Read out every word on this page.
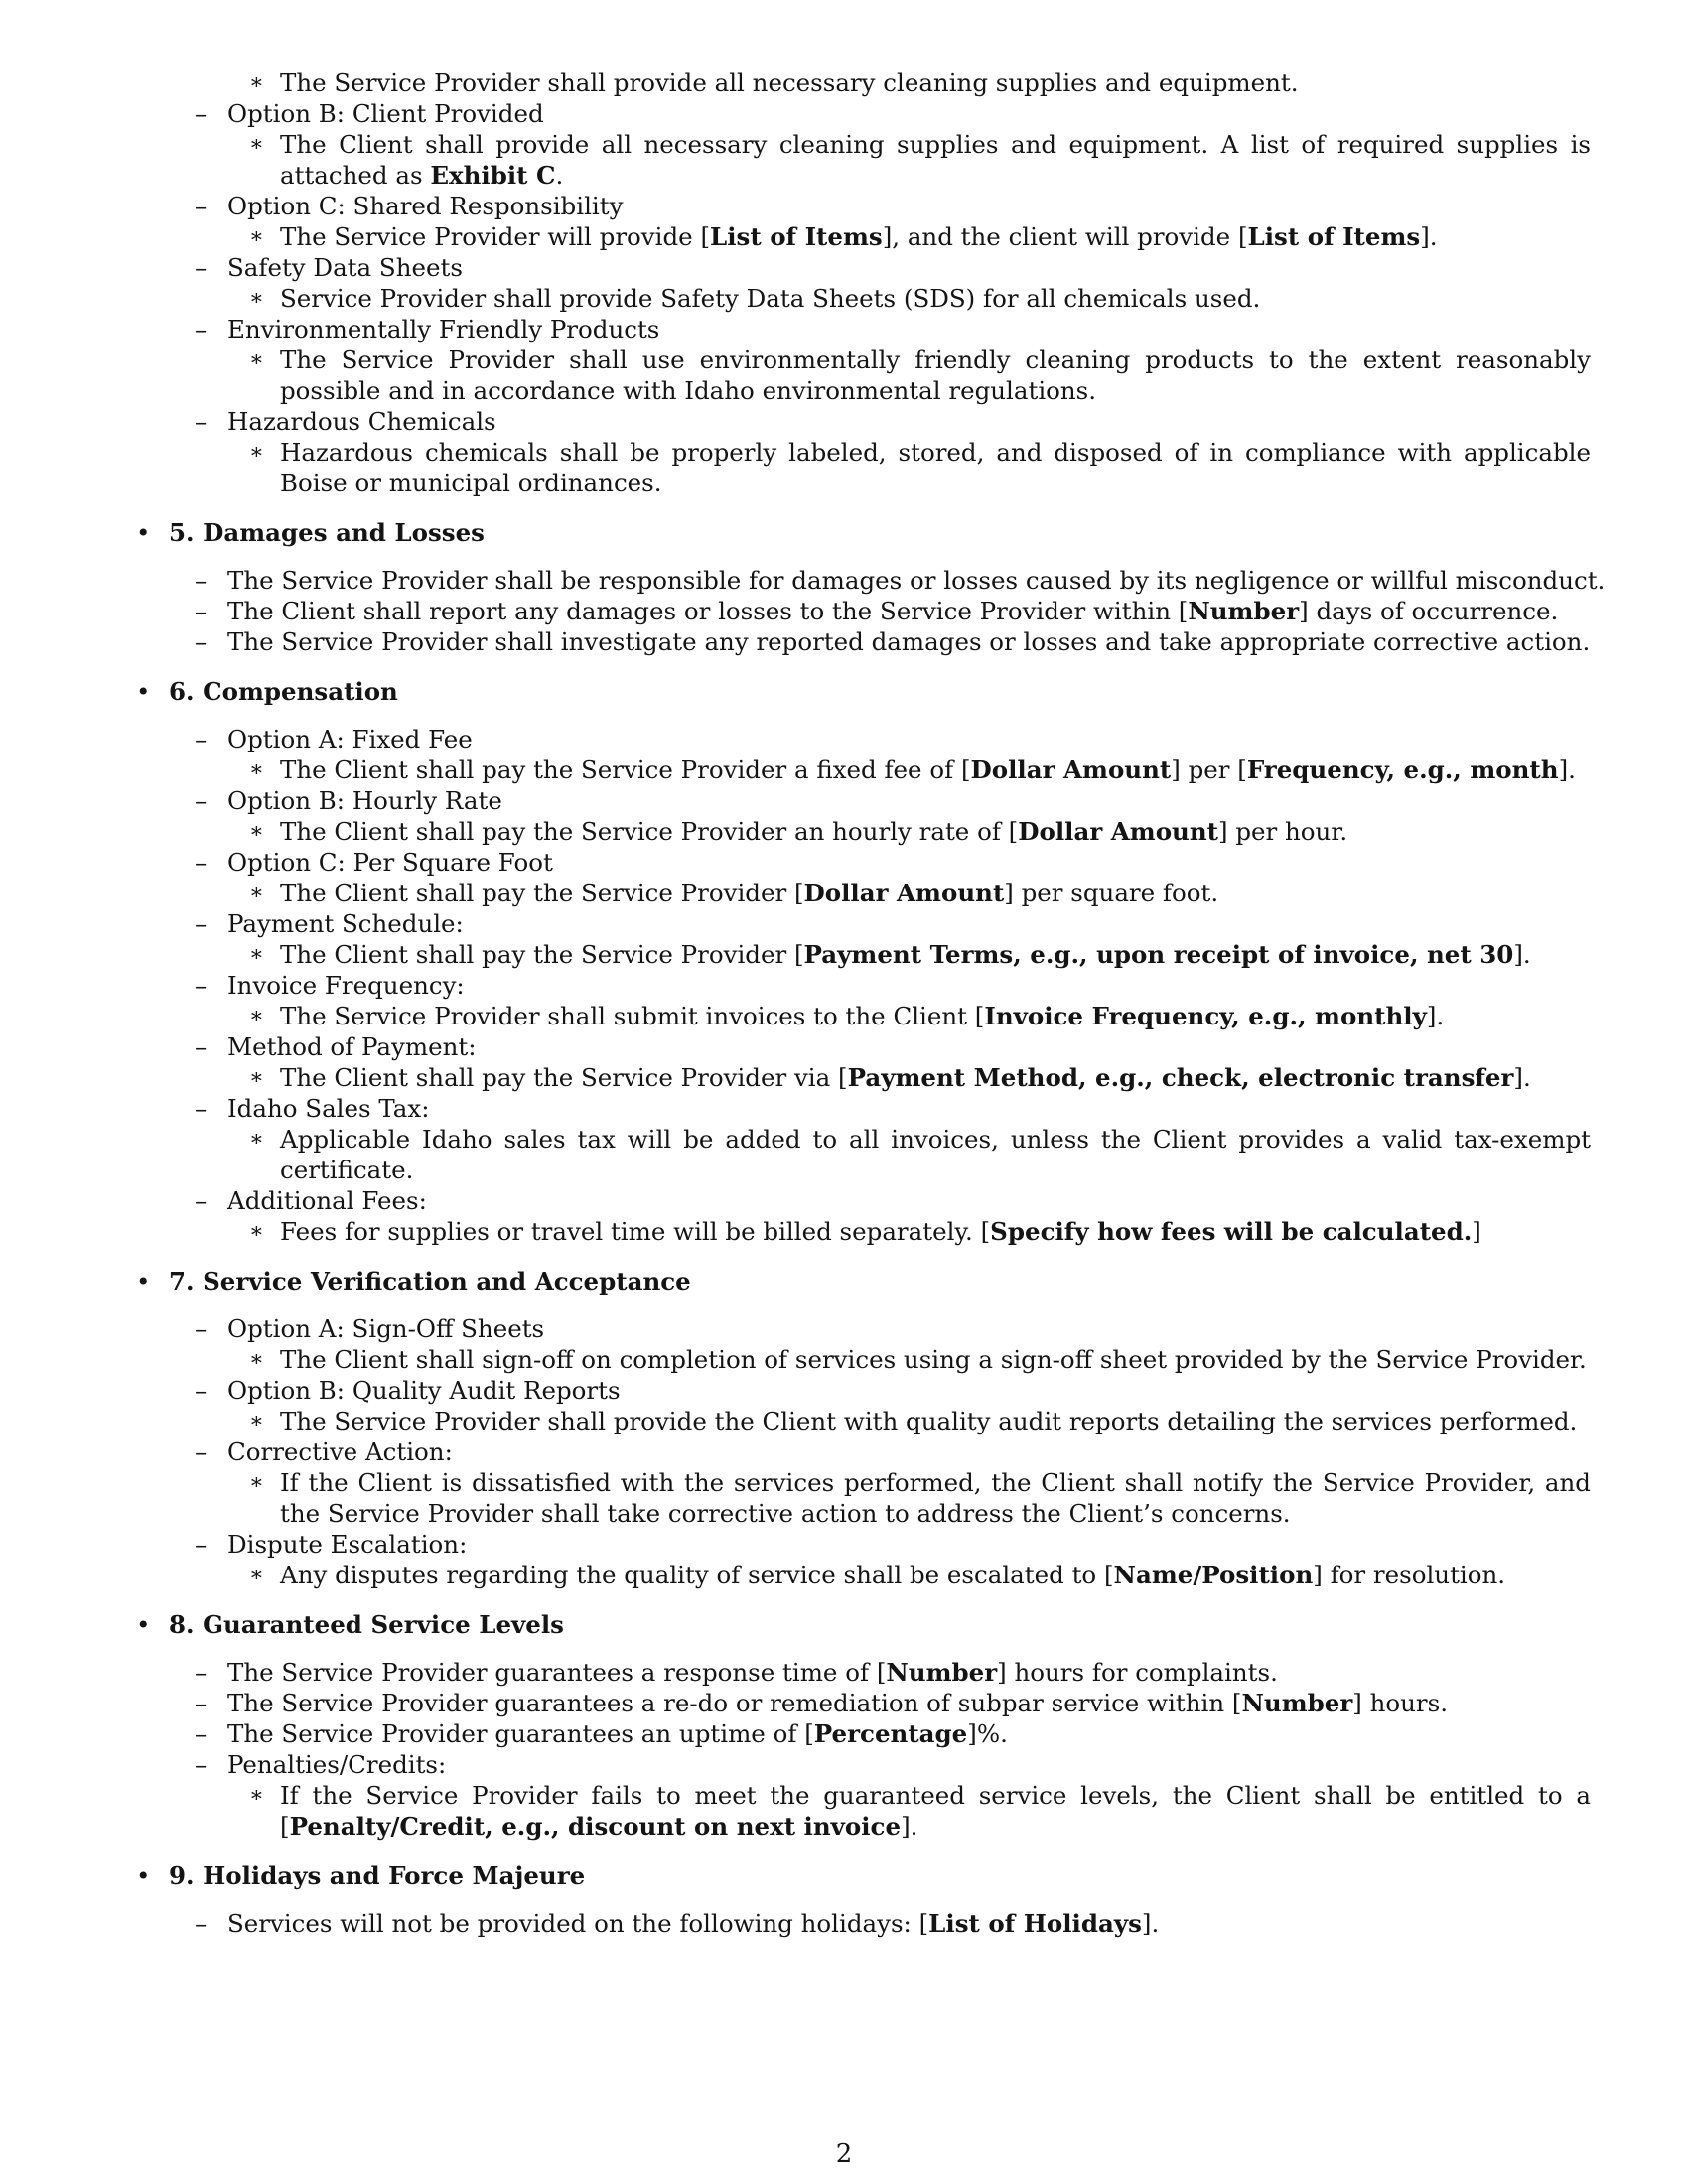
∗ The Service Provider shall provide all necessary cleaning supplies and equipment.
– Option B: Client Provided
∗ The Client shall provide all necessary cleaning supplies and equipment. A list of required supplies is attached as Exhibit C.
– Option C: Shared Responsibility
∗ The Service Provider will provide [List of Items], and the client will provide [List of Items].
– Safety Data Sheets
∗ Service Provider shall provide Safety Data Sheets (SDS) for all chemicals used.
– Environmentally Friendly Products
∗ The Service Provider shall use environmentally friendly cleaning products to the extent reasonably possible and in accordance with Idaho environmental regulations.
– Hazardous Chemicals
∗ Hazardous chemicals shall be properly labeled, stored, and disposed of in compliance with applicable Boise or municipal ordinances.
• 5. Damages and Losses
– The Service Provider shall be responsible for damages or losses caused by its negligence or willful misconduct.
– The Client shall report any damages or losses to the Service Provider within [Number] days of occurrence.
– The Service Provider shall investigate any reported damages or losses and take appropriate corrective action.
• 6. Compensation
– Option A: Fixed Fee
∗ The Client shall pay the Service Provider a fixed fee of [Dollar Amount] per [Frequency, e.g., month].
– Option B: Hourly Rate
∗ The Client shall pay the Service Provider an hourly rate of [Dollar Amount] per hour.
– Option C: Per Square Foot
∗ The Client shall pay the Service Provider [Dollar Amount] per square foot.
– Payment Schedule:
∗ The Client shall pay the Service Provider [Payment Terms, e.g., upon receipt of invoice, net 30].
– Invoice Frequency:
∗ The Service Provider shall submit invoices to the Client [Invoice Frequency, e.g., monthly].
– Method of Payment:
∗ The Client shall pay the Service Provider via [Payment Method, e.g., check, electronic transfer].
– Idaho Sales Tax:
∗ Applicable Idaho sales tax will be added to all invoices, unless the Client provides a valid tax-exempt certificate.
– Additional Fees:
∗ Fees for supplies or travel time will be billed separately. [Specify how fees will be calculated.]
• 7. Service Verification and Acceptance
– Option A: Sign-Off Sheets
∗ The Client shall sign-off on completion of services using a sign-off sheet provided by the Service Provider.
– Option B: Quality Audit Reports
∗ The Service Provider shall provide the Client with quality audit reports detailing the services performed.
– Corrective Action:
∗ If the Client is dissatisfied with the services performed, the Client shall notify the Service Provider, and the Service Provider shall take corrective action to address the Client’s concerns.
– Dispute Escalation:
∗ Any disputes regarding the quality of service shall be escalated to [Name/Position] for resolution.
• 8. Guaranteed Service Levels
– The Service Provider guarantees a response time of [Number] hours for complaints.
– The Service Provider guarantees a re-do or remediation of subpar service within [Number] hours.
– The Service Provider guarantees an uptime of [Percentage]%.
– Penalties/Credits:
∗ If the Service Provider fails to meet the guaranteed service levels, the Client shall be entitled to a [Penalty/Credit, e.g., discount on next invoice].
• 9. Holidays and Force Majeure
– Services will not be provided on the following holidays: [List of Holidays].
2
